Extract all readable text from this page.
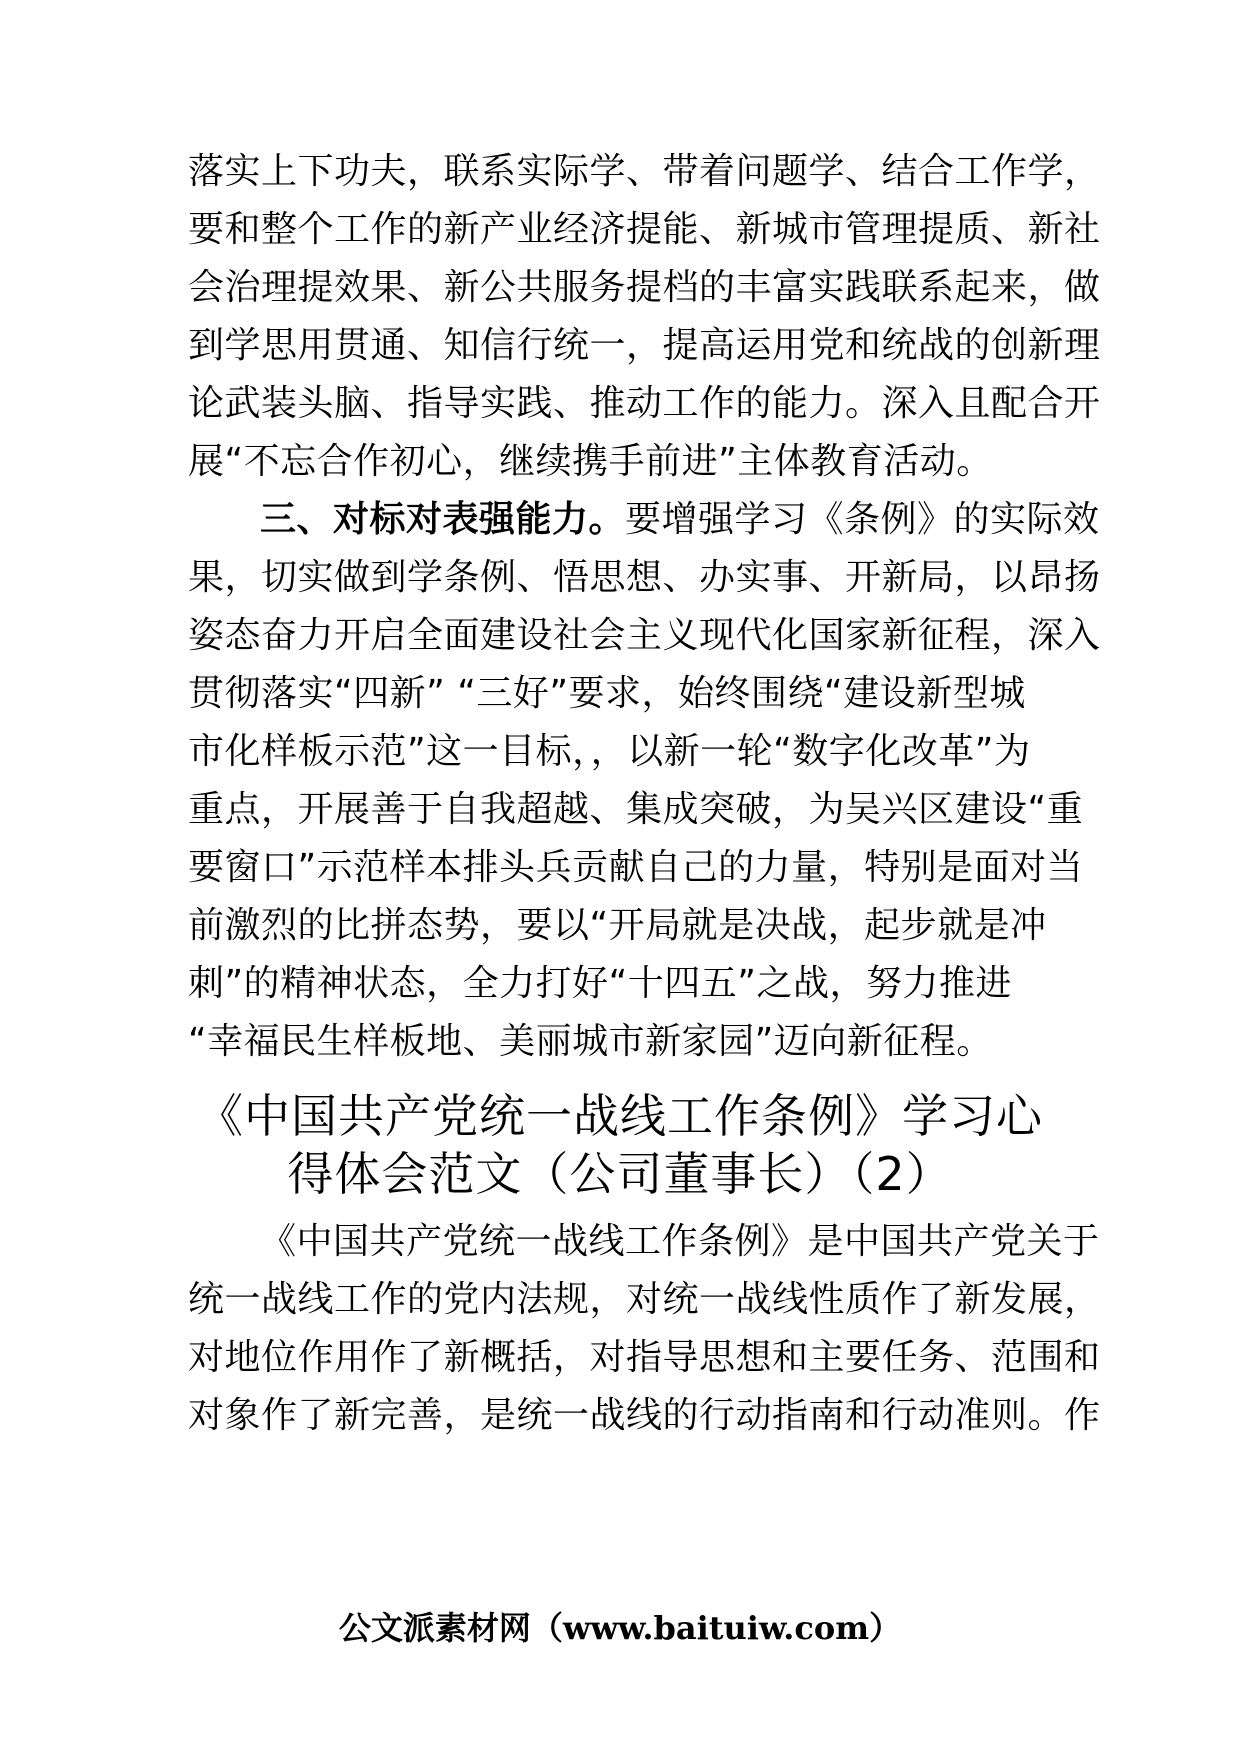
落实上下功夫，联系实际学、带着问题学、结合工作学，
要和整个工作的新产业经济提能、新城市管理提质、新社
会治理提效果、新公共服务提档的丰富实践联系起来，做
到学思用贯通、知信行统一，提高运用党和统战的创新理
论武装头脑、指导实践、推动工作的能力。深入且配合开
展“不忘合作初心，继续携手前进”主体教育活动。
三、对标对表强能力。要增强学习《条例》的实际效
果，切实做到学条例、悟思想、办实事、开新局，以昂扬
姿态奋力开启全面建设社会主义现代化国家新征程，深入
贯彻落实“四新” “三好”要求，始终围绕“建设新型城
市化样板示范”这一目标，，以新一轮“数字化改革”为
重点，开展善于自我超越、集成突破，为吴兴区建设“重
要窗口”示范样本排头兵贡献自己的力量，特别是面对当
前激烈的比拼态势，要以“开局就是决战，起步就是冲
刺”的精神状态，全力打好“十四五”之战，努力推进
“幸福民生样板地、美丽城市新家园”迈向新征程。
《中国共产党统一战线工作条例》学习心
得体会范文（公司董事长）（2）
《中国共产党统一战线工作条例》是中国共产党关于
统一战线工作的党内法规，对统一战线性质作了新发展，
对地位作用作了新概括，对指导思想和主要任务、范围和
对象作了新完善，是统一战线的行动指南和行动准则。作
公文派素材网（www.baituiw.com）
